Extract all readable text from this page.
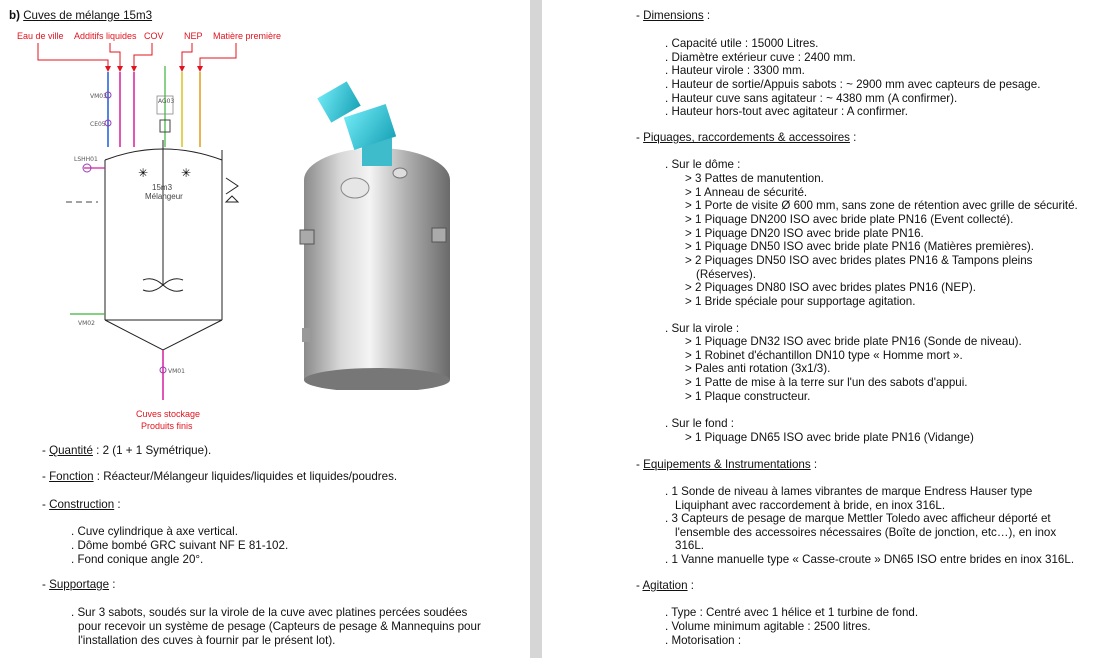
b) Cuves de mélange 15m3
Eau de ville Additifs liquides COV NEP Matière première
✳	✳
VM03
CE05
LSHH01
AG03
VM02
VM01
15m3
Mélangeur
Cuves stockage
Produits finis
- Quantité : 2 (1 + 1 Symétrique).
- Fonction : Réacteur/Mélangeur liquides/liquides et liquides/poudres.
- Construction :
. Cuve cylindrique à axe vertical.
. Dôme bombé GRC suivant NF E 81-102.
. Fond conique angle 20°.
- Supportage :
. Sur 3 sabots, soudés sur la virole de la cuve avec platines percées soudées
pour recevoir un système de pesage (Capteurs de pesage & Mannequins pour
l'installation des cuves à fournir par le présent lot).
- Dimensions :
. Capacité utile : 15000 Litres.
. Diamètre extérieur cuve : 2400 mm.
. Hauteur virole : 3300 mm.
. Hauteur de sortie/Appuis sabots : ~ 2900 mm avec capteurs de pesage.
. Hauteur cuve sans agitateur : ~ 4380 mm (A confirmer).
. Hauteur hors-tout avec agitateur : A confirmer.
- Piquages, raccordements & accessoires :
. Sur le dôme :
> 3 Pattes de manutention.
> 1 Anneau de sécurité.
> 1 Porte de visite Ø 600 mm, sans zone de rétention avec grille de sécurité.
> 1 Piquage DN200 ISO avec bride plate PN16 (Event collecté).
> 1 Piquage DN20 ISO avec bride plate PN16.
> 1 Piquage DN50 ISO avec bride plate PN16 (Matières premières).
> 2 Piquages DN50 ISO avec brides plates PN16 & Tampons pleins
(Réserves).
> 2 Piquages DN80 ISO avec brides plates PN16 (NEP).
> 1 Bride spéciale pour supportage agitation.
. Sur la virole :
> 1 Piquage DN32 ISO avec bride plate PN16 (Sonde de niveau).
> 1 Robinet d'échantillon DN10 type « Homme mort ».
> Pales anti rotation (3x1/3).
> 1 Patte de mise à la terre sur l'un des sabots d'appui.
> 1 Plaque constructeur.
. Sur le fond :
> 1 Piquage DN65 ISO avec bride plate PN16 (Vidange)
- Equipements & Instrumentations :
. 1 Sonde de niveau à lames vibrantes de marque Endress Hauser type
Liquiphant avec raccordement à bride, en inox 316L.
. 3 Capteurs de pesage de marque Mettler Toledo avec afficheur déporté et
l'ensemble des accessoires nécessaires (Boîte de jonction, etc…), en inox
316L.
. 1 Vanne manuelle type « Casse-croute » DN65 ISO entre brides en inox 316L.
- Agitation :
. Type : Centré avec 1 hélice et 1 turbine de fond.
. Volume minimum agitable : 2500 litres.
. Motorisation :
